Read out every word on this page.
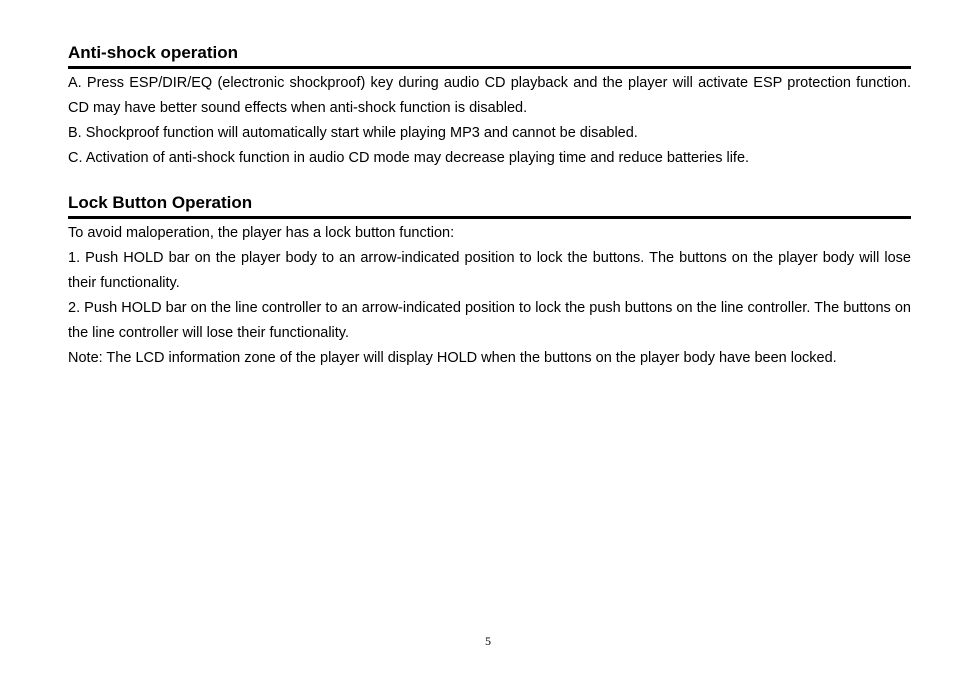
Anti-shock operation
A. Press ESP/DIR/EQ (electronic shockproof) key during audio CD playback and the player will activate ESP protection function. CD may have better sound effects when anti-shock function is disabled.
B. Shockproof function will automatically start while playing MP3 and cannot be disabled.
C. Activation of anti-shock function in audio CD mode may decrease playing time and reduce batteries life.
Lock Button Operation
To avoid maloperation, the player has a lock button function:
1. Push HOLD bar on the player body to an arrow-indicated position to lock the buttons. The buttons on the player body will lose their functionality.
2. Push HOLD bar on the line controller to an arrow-indicated position to lock the push buttons on the line controller. The buttons on the line controller will lose their functionality.
Note: The LCD information zone of the player will display HOLD when the buttons on the player body have been locked.
5
